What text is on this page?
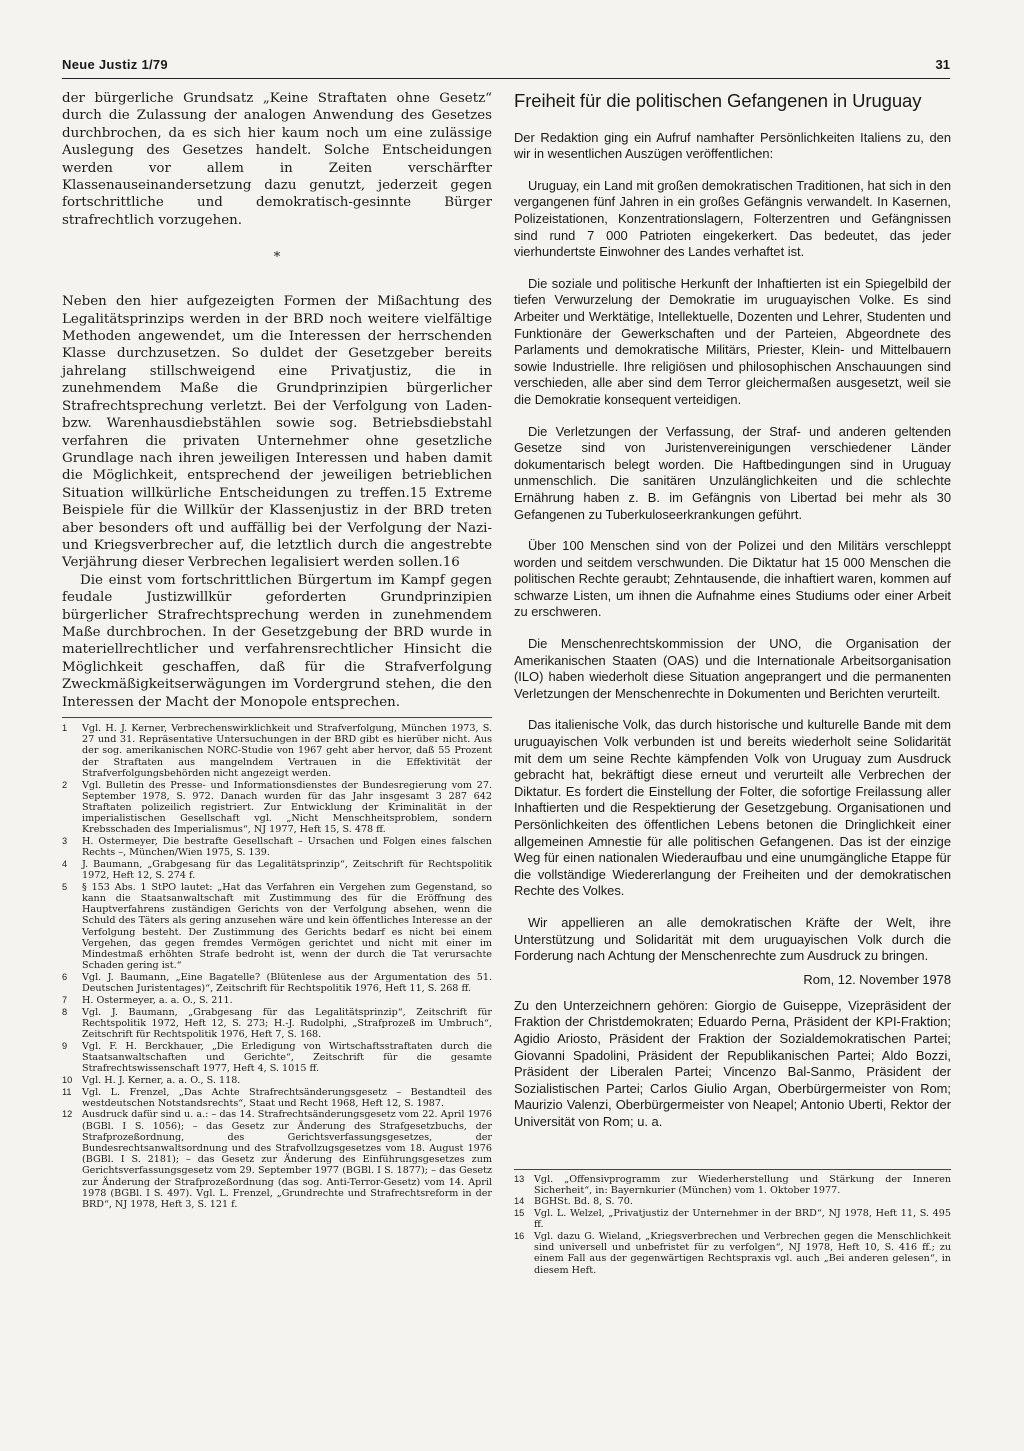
Neue Justiz 1/79	31

der bürgerliche Grundsatz „Keine Straftaten ohne Gesetz“ durch die Zulassung der analogen Anwendung des Gesetzes durchbrochen, da es sich hier kaum noch um eine zulässige Auslegung des Gesetzes handelt. Solche Entscheidungen werden vor allem in Zeiten verschärfter Klassenauseinandersetzung dazu genutzt, jederzeit gegen fortschrittliche und demokratisch-gesinnte Bürger strafrechtlich vorzugehen.

*

Neben den hier aufgezeigten Formen der Mißachtung des Legalitätsprinzips werden in der BRD noch weitere vielfältige Methoden angewendet, um die Interessen der herrschenden Klasse durchzusetzen. So duldet der Gesetzgeber bereits jahrelang stillschweigend eine Privatjustiz, die in zunehmendem Maße die Grundprinzipien bürgerlicher Strafrechtsprechung verletzt. Bei der Verfolgung von Laden- bzw. Warenhausdiebstählen sowie sog. Betriebsdiebstahl verfahren die privaten Unternehmer ohne gesetzliche Grundlage nach ihren jeweiligen Interessen und haben damit die Möglichkeit, entsprechend der jeweiligen betrieblichen Situation willkürliche Entscheidungen zu treffen.15 Extreme Beispiele für die Willkür der Klassenjustiz in der BRD treten aber besonders oft und auffällig bei der Verfolgung der Nazi- und Kriegsverbrecher auf, die letztlich durch die angestrebte Verjährung dieser Verbrechen legalisiert werden sollen.16

Die einst vom fortschrittlichen Bürgertum im Kampf gegen feudale Justizwillkür geforderten Grundprinzipien bürgerlicher Strafrechtsprechung werden in zunehmendem Maße durchbrochen. In der Gesetzgebung der BRD wurde in materiellrechtlicher und verfahrensrechtlicher Hinsicht die Möglichkeit geschaffen, daß für die Strafverfolgung Zweckmäßigkeitserwägungen im Vordergrund stehen, die den Interessen der Macht der Monopole entsprechen.

1	Vgl. H. J. Kerner, Verbrechenswirklichkeit und Strafverfolgung, München 1973, S. 27 und 31. Repräsentative Untersuchungen in der BRD gibt es hierüber nicht. Aus der sog. amerikanischen NORC-Studie von 1967 geht aber hervor, daß 55 Prozent der Straftaten aus mangelndem Vertrauen in die Effektivität der Strafverfolgungsbehörden nicht angezeigt werden.
2	Vgl. Bulletin des Presse- und Informationsdienstes der Bundesregierung vom 27. September 1978, S. 972. Danach wurden für das Jahr insgesamt 3 287 642 Straftaten polizeilich registriert. Zur Entwicklung der Kriminalität in der imperialistischen Gesellschaft vgl. „Nicht Menschheitsproblem, sondern Krebsschaden des Imperialismus“, NJ 1977, Heft 15, S. 478 ff.
3	H. Ostermeyer, Die bestrafte Gesellschaft – Ursachen und Folgen eines falschen Rechts –, München/Wien 1975, S. 139.
4	J. Baumann, „Grabgesang für das Legalitätsprinzip“, Zeitschrift für Rechtspolitik 1972, Heft 12, S. 274 f.
5	§ 153 Abs. 1 StPO lautet: „Hat das Verfahren ein Vergehen zum Gegenstand, so kann die Staatsanwaltschaft mit Zustimmung des für die Eröffnung des Hauptverfahrens zuständigen Gerichts von der Verfolgung absehen, wenn die Schuld des Täters als gering anzusehen wäre und kein öffentliches Interesse an der Verfolgung besteht. Der Zustimmung des Gerichts bedarf es nicht bei einem Vergehen, das gegen fremdes Vermögen gerichtet und nicht mit einer im Mindestmaß erhöhten Strafe bedroht ist, wenn der durch die Tat verursachte Schaden gering ist.“
6	Vgl. J. Baumann, „Eine Bagatelle? (Blütenlese aus der Argumentation des 51. Deutschen Juristentages)“, Zeitschrift für Rechtspolitik 1976, Heft 11, S. 268 ff.
7	H. Ostermeyer, a. a. O., S. 211.
8	Vgl. J. Baumann, „Grabgesang für das Legalitätsprinzip“, Zeitschrift für Rechtspolitik 1972, Heft 12, S. 273; H.-J. Rudolphi, „Strafprozeß im Umbruch“, Zeitschrift für Rechtspolitik 1976, Heft 7, S. 168.
9	Vgl. F. H. Berckhauer, „Die Erledigung von Wirtschaftsstraftaten durch die Staatsanwaltschaften und Gerichte“, Zeitschrift für die gesamte Strafrechtswissenschaft 1977, Heft 4, S. 1015 ff.
10	Vgl. H. J. Kerner, a. a. O., S. 118.
11	Vgl. L. Frenzel, „Das Achte Strafrechtsänderungsgesetz – Bestandteil des westdeutschen Notstandsrechts“, Staat und Recht 1968, Heft 12, S. 1987.
12	Ausdruck dafür sind u. a.: – das 14. Strafrechtsänderungsgesetz vom 22. April 1976 (BGBl. I S. 1056); – das Gesetz zur Änderung des Strafgesetzbuchs, der Strafprozeßordnung, des Gerichtsverfassungsgesetzes, der Bundesrechtsanwaltsordnung und des Strafvollzugsgesetzes vom 18. August 1976 (BGBl. I S. 2181); – das Gesetz zur Änderung des Einführungsgesetzes zum Gerichtsverfassungsgesetz vom 29. September 1977 (BGBl. I S. 1877); – das Gesetz zur Änderung der Strafprozeßordnung (das sog. Anti-Terror-Gesetz) vom 14. April 1978 (BGBl. I S. 497). Vgl. L. Frenzel, „Grundrechte und Strafrechtsreform in der BRD“, NJ 1978, Heft 3, S. 121 f.
Freiheit für die politischen Gefangenen in Uruguay

Der Redaktion ging ein Aufruf namhafter Persönlichkeiten Italiens zu, den wir in wesentlichen Auszügen veröffentlichen:

Uruguay, ein Land mit großen demokratischen Traditionen, hat sich in den vergangenen fünf Jahren in ein großes Gefängnis verwandelt. In Kasernen, Polizeistationen, Konzentrationslagern, Folterzentren und Gefängnissen sind rund 7 000 Patrioten eingekerkert. Das bedeutet, das jeder vierhundertste Einwohner des Landes verhaftet ist.

Die soziale und politische Herkunft der Inhaftierten ist ein Spiegelbild der tiefen Verwurzelung der Demokratie im uruguayischen Volke. Es sind Arbeiter und Werktätige, Intellektuelle, Dozenten und Lehrer, Studenten und Funktionäre der Gewerkschaften und der Parteien, Abgeordnete des Parlaments und demokratische Militärs, Priester, Klein- und Mittelbauern sowie Industrielle. Ihre religiösen und philosophischen Anschauungen sind verschieden, alle aber sind dem Terror gleichermaßen ausgesetzt, weil sie die Demokratie konsequent verteidigen.

Die Verletzungen der Verfassung, der Straf- und anderen geltenden Gesetze sind von Juristenvereinigungen verschiedener Länder dokumentarisch belegt worden. Die Haftbedingungen sind in Uruguay unmenschlich. Die sanitären Unzulänglichkeiten und die schlechte Ernährung haben z. B. im Gefängnis von Libertad bei mehr als 30 Gefangenen zu Tuberkuloseerkrankungen geführt.

Über 100 Menschen sind von der Polizei und den Militärs verschleppt worden und seitdem verschwunden. Die Diktatur hat 15 000 Menschen die politischen Rechte geraubt; Zehntausende, die inhaftiert waren, kommen auf schwarze Listen, um ihnen die Aufnahme eines Studiums oder einer Arbeit zu erschweren.

Die Menschenrechtskommission der UNO, die Organisation der Amerikanischen Staaten (OAS) und die Internationale Arbeitsorganisation (ILO) haben wiederholt diese Situation angeprangert und die permanenten Verletzungen der Menschenrechte in Dokumenten und Berichten verurteilt.

Das italienische Volk, das durch historische und kulturelle Bande mit dem uruguayischen Volk verbunden ist und bereits wiederholt seine Solidarität mit dem um seine Rechte kämpfenden Volk von Uruguay zum Ausdruck gebracht hat, bekräftigt diese erneut und verurteilt alle Verbrechen der Diktatur. Es fordert die Einstellung der Folter, die sofortige Freilassung aller Inhaftierten und die Respektierung der Gesetzgebung. Organisationen und Persönlichkeiten des öffentlichen Lebens betonen die Dringlichkeit einer allgemeinen Amnestie für alle politischen Gefangenen. Das ist der einzige Weg für einen nationalen Wiederaufbau und eine unumgängliche Etappe für die vollständige Wiedererlangung der Freiheiten und der demokratischen Rechte des Volkes.

Wir appellieren an alle demokratischen Kräfte der Welt, ihre Unterstützung und Solidarität mit dem uruguayischen Volk durch die Forderung nach Achtung der Menschenrechte zum Ausdruck zu bringen.

Rom, 12. November 1978

Zu den Unterzeichnern gehören: Giorgio de Guiseppe, Vizepräsident der Fraktion der Christdemokraten; Eduardo Perna, Präsident der KPI-Fraktion; Agidio Ariosto, Präsident der Fraktion der Sozialdemokratischen Partei; Giovanni Spadolini, Präsident der Republikanischen Partei; Aldo Bozzi, Präsident der Liberalen Partei; Vincenzo Bal-Sanmo, Präsident der Sozialistischen Partei; Carlos Giulio Argan, Oberbürgermeister von Rom; Maurizio Valenzi, Oberbürgermeister von Neapel; Antonio Uberti, Rektor der Universität von Rom; u. a.

13	Vgl. „Offensivprogramm zur Wiederherstellung und Stärkung der Inneren Sicherheit“, in: Bayernkurier (München) vom 1. Oktober 1977.
14	BGHSt. Bd. 8, S. 70.
15	Vgl. L. Welzel, „Privatjustiz der Unternehmer in der BRD“, NJ 1978, Heft 11, S. 495 ff.
16	Vgl. dazu G. Wieland, „Kriegsverbrechen und Verbrechen gegen die Menschlichkeit sind universell und unbefristet für zu verfolgen“, NJ 1978, Heft 10, S. 416 ff.; zu einem Fall aus der gegenwärtigen Rechtspraxis vgl. auch „Bei anderen gelesen“, in diesem Heft.
